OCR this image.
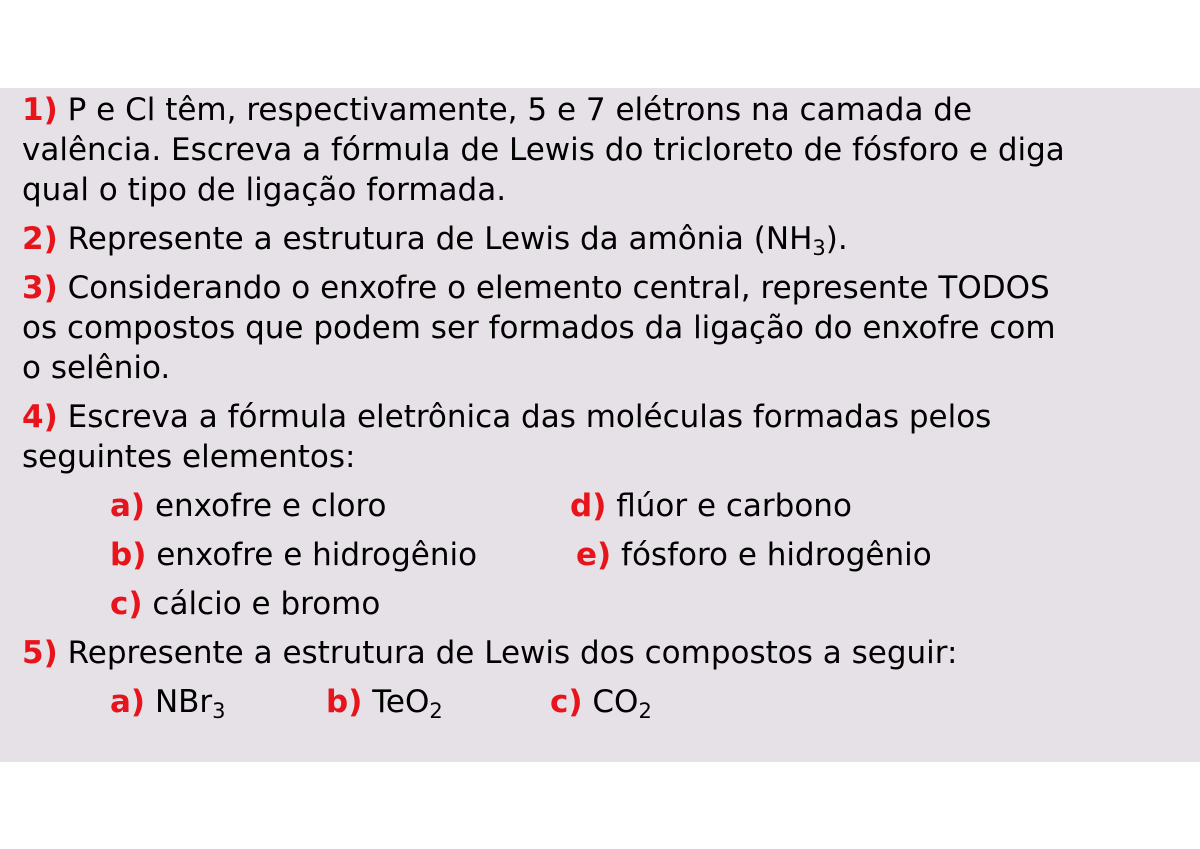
1) P e Cl têm, respectivamente, 5 e 7 elétrons na camada de
valência. Escreva a fórmula de Lewis do tricloreto de fósforo e diga
qual o tipo de ligação formada.
2) Represente a estrutura de Lewis da amônia $(NH_3)$.
3) Considerando o enxofre o elemento central, represente TODOS
os compostos que podem ser formados da ligação do enxofre com
o selênio.
4) Escreva a fórmula eletrônica das moléculas formadas pelos
seguintes elementos:
a) enxofre e cloro	d) flúor e carbono
b) enxofre e hidrogênio	e) fósforo e hidrogênio
c) cálcio e bromo
5) Represente a estrutura de Lewis dos compostos a seguir:
a) NBr$_3$	b) TeO$_2$	c) $CO_2$
